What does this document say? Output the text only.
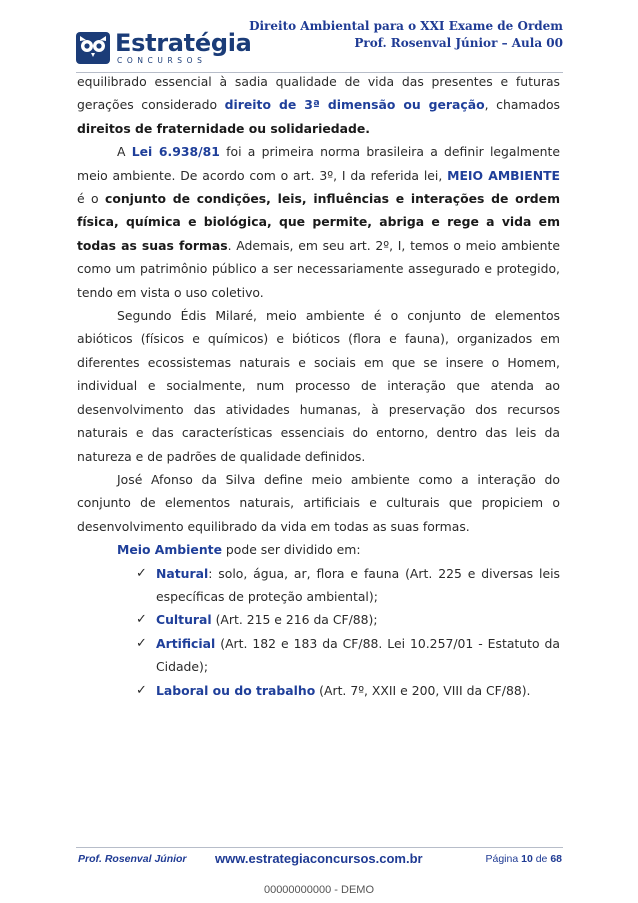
Estratégia
CONCURSOS
Direito Ambiental para o XXI Exame de Ordem
Prof. Rosenval Júnior – Aula 00

equilibrado essencial à sadia qualidade de vida das presentes e futuras gerações considerado direito de 3ª dimensão ou geração, chamados direitos de fraternidade ou solidariedade.

A Lei 6.938/81 foi a primeira norma brasileira a definir legalmente meio ambiente. De acordo com o art. 3º, I da referida lei, MEIO AMBIENTE é o conjunto de condições, leis, influências e interações de ordem física, química e biológica, que permite, abriga e rege a vida em todas as suas formas. Ademais, em seu art. 2º, I, temos o meio ambiente como um patrimônio público a ser necessariamente assegurado e protegido, tendo em vista o uso coletivo.

Segundo Édis Milaré, meio ambiente é o conjunto de elementos abióticos (físicos e químicos) e bióticos (flora e fauna), organizados em diferentes ecossistemas naturais e sociais em que se insere o Homem, individual e socialmente, num processo de interação que atenda ao desenvolvimento das atividades humanas, à preservação dos recursos naturais e das características essenciais do entorno, dentro das leis da natureza e de padrões de qualidade definidos.

José Afonso da Silva define meio ambiente como a interação do conjunto de elementos naturais, artificiais e culturais que propiciem o desenvolvimento equilibrado da vida em todas as suas formas.

Meio Ambiente pode ser dividido em:

✓ Natural: solo, água, ar, flora e fauna (Art. 225 e diversas leis específicas de proteção ambiental);

✓ Cultural (Art. 215 e 216 da CF/88);

✓ Artificial (Art. 182 e 183 da CF/88. Lei 10.257/01 - Estatuto da Cidade);

✓ Laboral ou do trabalho (Art. 7º, XXII e 200, VIII da CF/88).

Prof. Rosenval Júnior www.estrategiaconcursos.com.br	Página 10 de 68
00000000000 - DEMO
